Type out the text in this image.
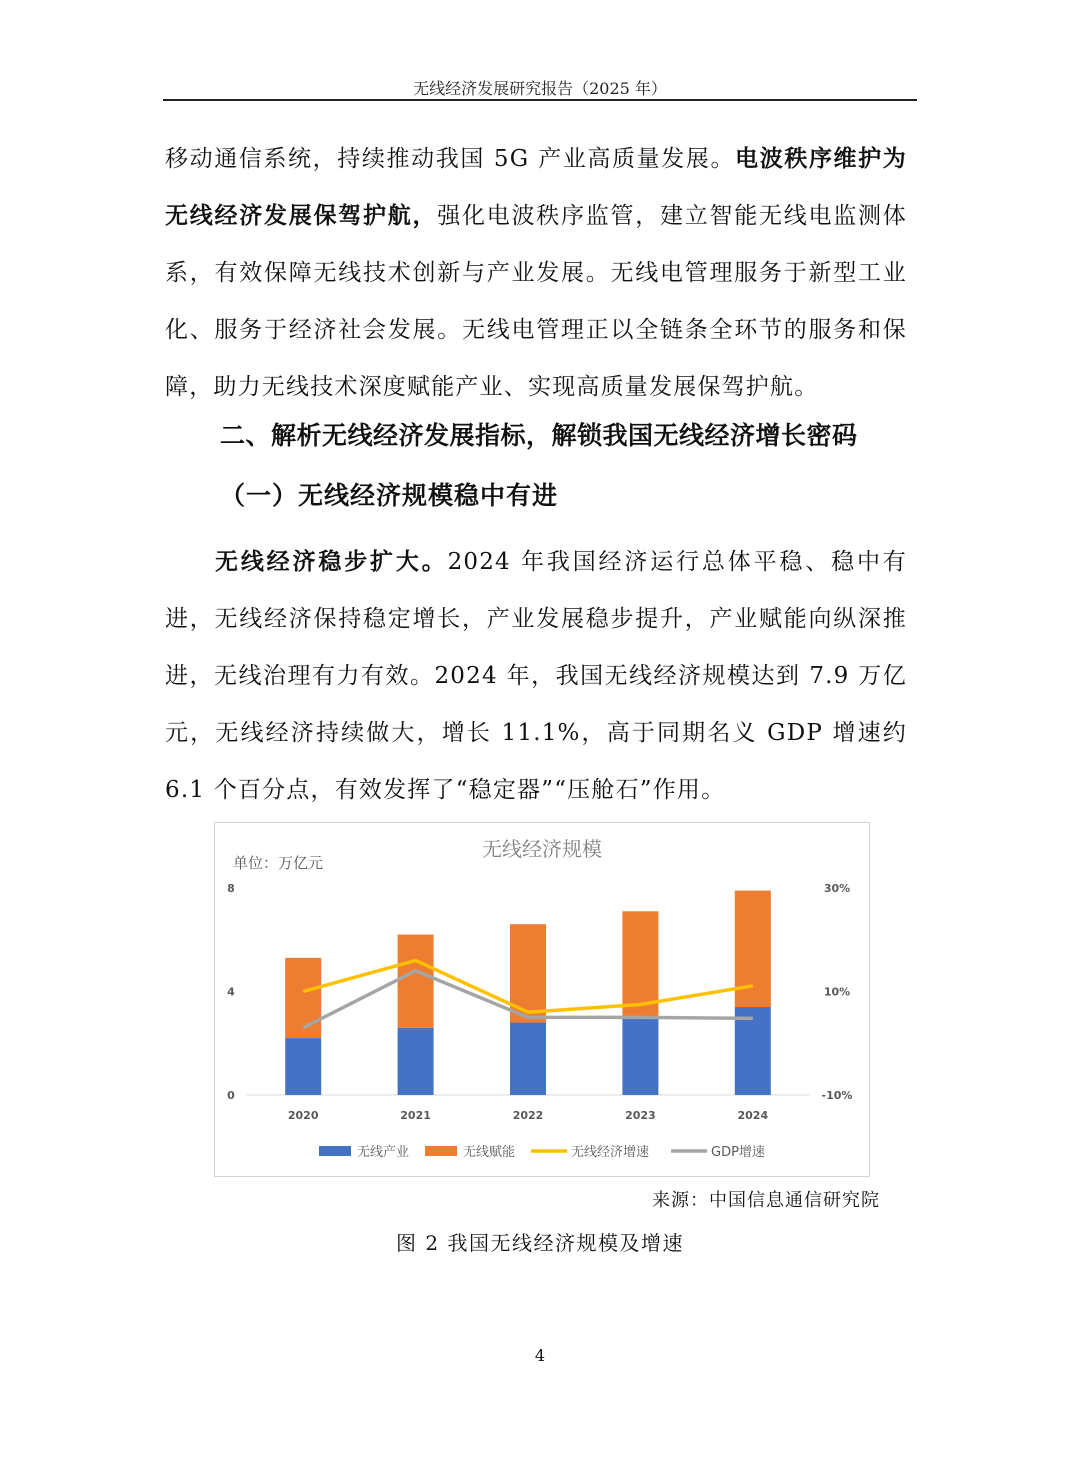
无线经济发展研究报告（2025 年）

移动通信系统，持续推动我国 5G 产业高质量发展。电波秩序维护为无线经济发展保驾护航，强化电波秩序监管，建立智能无线电监测体系，有效保障无线技术创新与产业发展。无线电管理服务于新型工业化、服务于经济社会发展。无线电管理正以全链条全环节的服务和保障，助力无线技术深度赋能产业、实现高质量发展保驾护航。

二、解析无线经济发展指标，解锁我国无线经济增长密码
（一）无线经济规模稳中有进

无线经济稳步扩大。2024 年我国经济运行总体平稳、稳中有进，无线经济保持稳定增长，产业发展稳步提升，产业赋能向纵深推进，无线治理有力有效。2024 年，我国无线经济规模达到 7.9 万亿元，无线经济持续做大，增长 11.1%，高于同期名义 GDP 增速约 6.1 个百分点，有效发挥了“稳定器”“压舱石”作用。

无线经济规模
单位：万亿元
0
4
8
-10%
10%
30%
2020	2021	2022	2023	2024
无线产业	无线赋能	无线经济增速	GDP增速
来源：中国信息通信研究院
图 2 我国无线经济规模及增速
4
